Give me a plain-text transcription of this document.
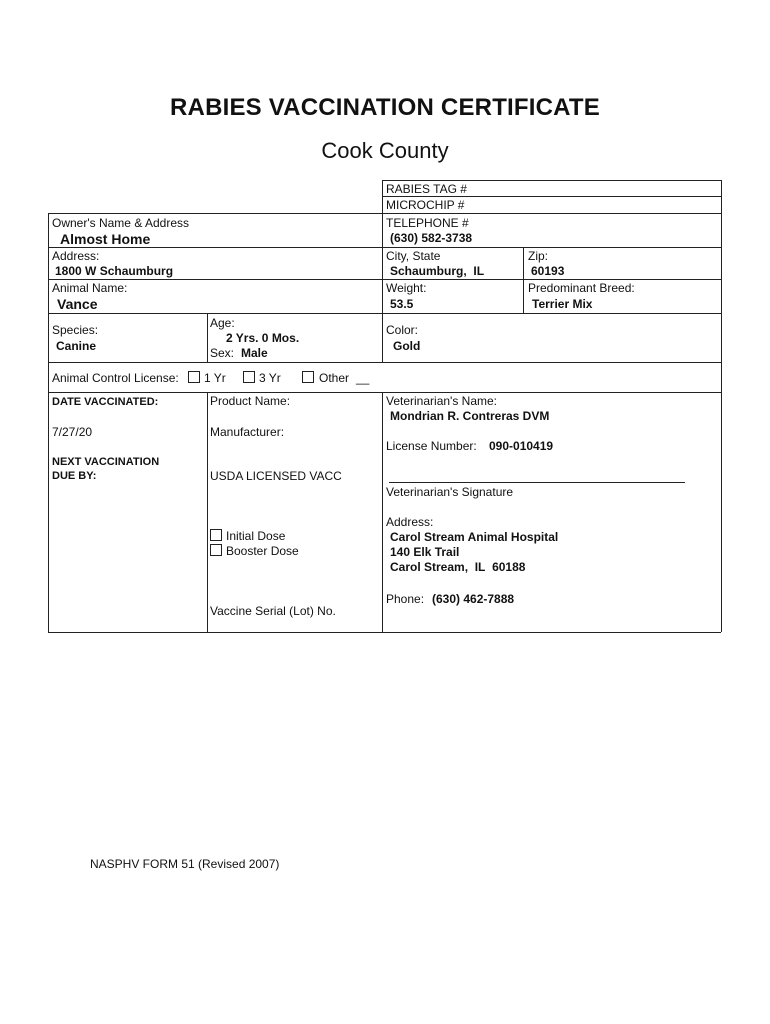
RABIES VACCINATION CERTIFICATE
Cook County
RABIES TAG #
MICROCHIP #
Owner's Name & Address
Almost Home
TELEPHONE #
(630) 582-3738
Address:
1800 W Schaumburg
City, State
Schaumburg,  IL
Zip:
60193
Animal Name:
Vance
Weight:
53.5
Predominant Breed:
Terrier Mix
Species:
Canine
Age:
2 Yrs. 0 Mos.
Sex: Male
Color:
Gold
Animal Control License: 1 Yr	3 Yr	Other __
DATE VACCINATED:
7/27/20
NEXT VACCINATION
DUE BY:
Product Name:
Manufacturer:
USDA LICENSED VACC
Initial Dose
Booster Dose
Vaccine Serial (Lot) No.
Veterinarian's Name:
Mondrian R. Contreras DVM
License Number: 090-010419
Veterinarian's Signature
Address:
Carol Stream Animal Hospital
140 Elk Trail
Carol Stream,  IL 60188
Phone: (630) 462-7888
NASPHV FORM 51 (Revised 2007)
